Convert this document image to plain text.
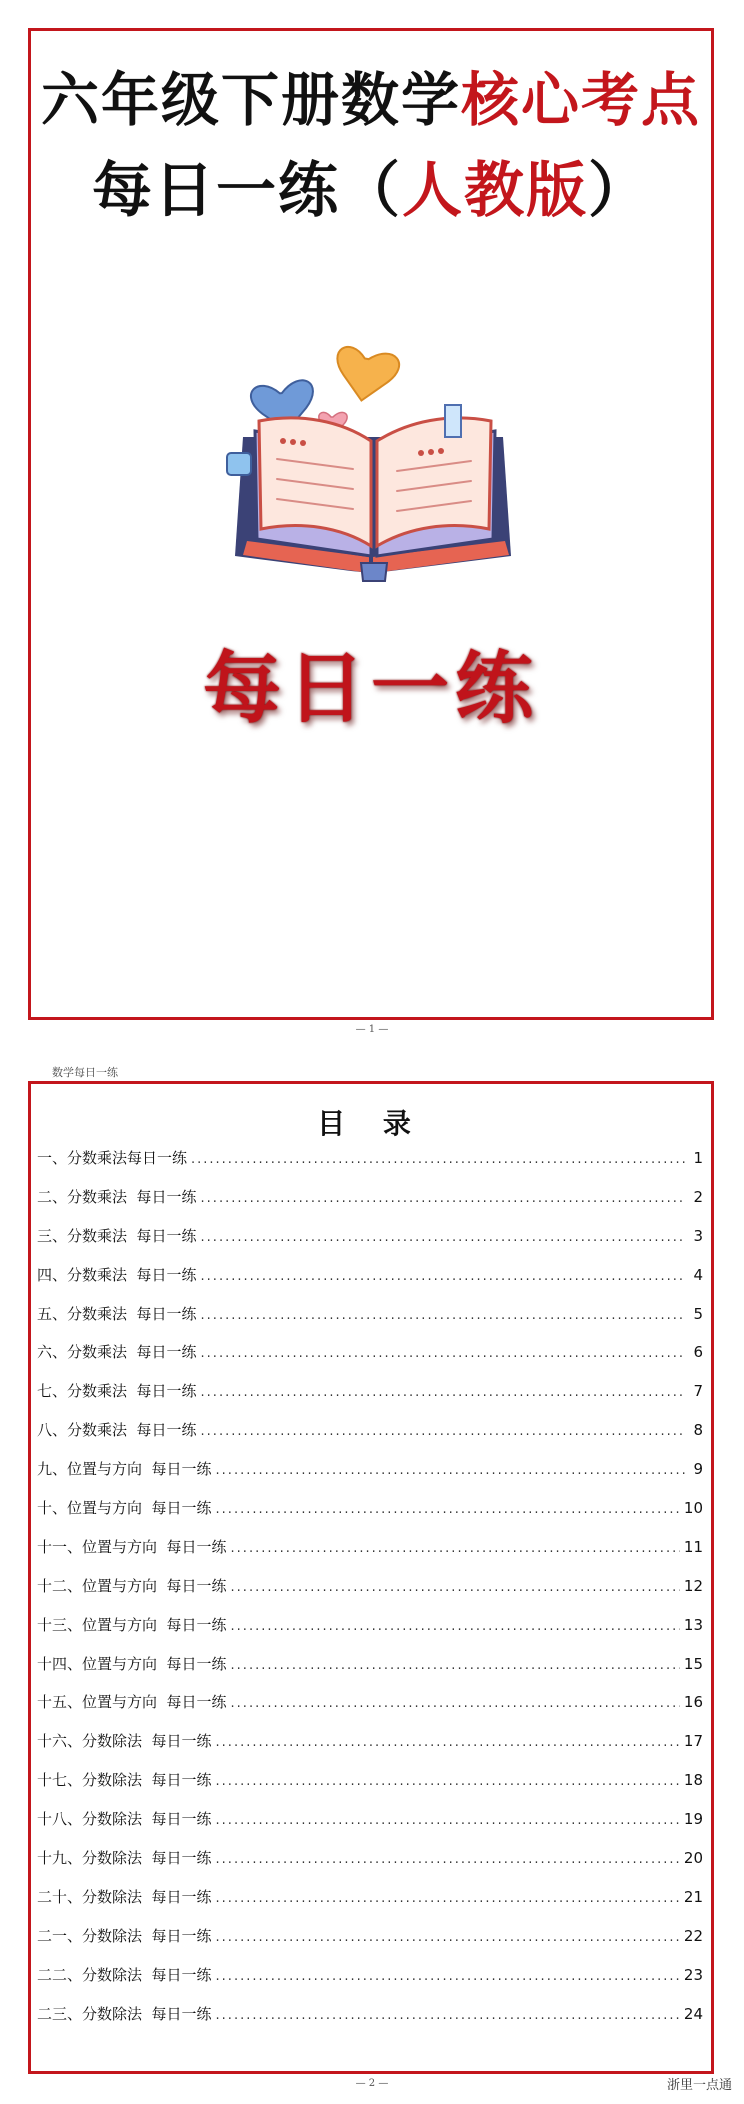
六年级下册数学核心考点
每日一练（人教版）
每日一练
— 1 —
数学每日一练
目 录
一、分数乘法每日一练 .....	1
二、分数乘法  每日一练 .....	2
三、分数乘法  每日一练 .....	3
四、分数乘法  每日一练 .....	4
五、分数乘法  每日一练 .....	5
六、分数乘法  每日一练 .....	6
七、分数乘法  每日一练 .....	7
八、分数乘法  每日一练 .....	8
九、位置与方向  每日一练 .....	9
十、位置与方向  每日一练 .....	10
十一、位置与方向  每日一练 .....	11
十二、位置与方向  每日一练 .....	12
十三、位置与方向  每日一练 .....	13
十四、位置与方向  每日一练 .....	15
十五、位置与方向  每日一练 .....	16
十六、分数除法  每日一练 .....	17
十七、分数除法  每日一练 .....	18
十八、分数除法  每日一练 .....	19
十九、分数除法  每日一练 .....	20
二十、分数除法  每日一练 .....	21
二一、分数除法  每日一练 .....	22
二二、分数除法  每日一练 .....	23
二三、分数除法  每日一练 .....	24
— 2 —	浙里一点通
